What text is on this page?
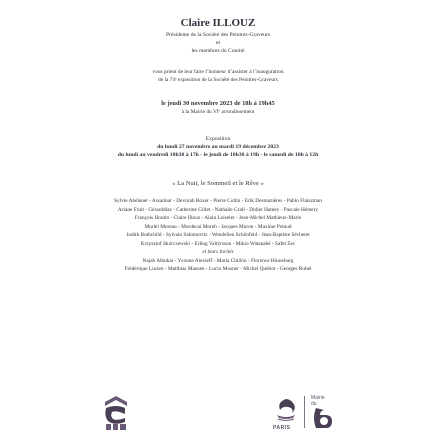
Claire ILLOUZ
Présidente de la Société des Peintres-Graveurs
et
les membres du Comité
vous prient de leur faire l’honneur d’assister à l’inauguration
de la 74ᵉ exposition de la Société des Peintres-Graveurs
le jeudi 30 novembre 2023 de 18h à 19h45
à la Mairie du VIᵉ arrondissement
Exposition
du lundi 27 novembre au mardi 19 décembre 2023
du lundi au vendredi 10h30 à 17h - le jeudi de 10h30 à 19h - le samedi de 10h à 12h
« La Nuit, le Sommeil et le Rêve »
Sylvie Abélanet - Assadour - Devorah Boxer - Pierre Collin - Erik Desmazières - Pablo Flaiszman
Ariane Fruit - Gérarddiaz - Catherine Gillet - Nathalie Grall - Didier Hamey - Pascale Hémery
François Houtin - Claire Illouz - Alain Loiselet - Jean-Michel Mathieux-Marie
Muriel Moreau - Mordecai Moreh - Jacques Muron - Maxime Préaud
Judith Rothchild - Sylvain Salomovitz - Wendelien Schönfeld - Jean-Baptiste Sécheret
Krzysztof Skórczewski - Erling Valtýrsson - Mikio Watanabé - Safet Zec
et leurs Invités
Najah Albukai - Yvonne Alexieff - Maria Chillón - Florence Hinneburg
Frédérique Lucien - Matthias Mansen - Lucio Mosner - Michel Quétiot - Georges Rubel
PARIS
Mairie
du
